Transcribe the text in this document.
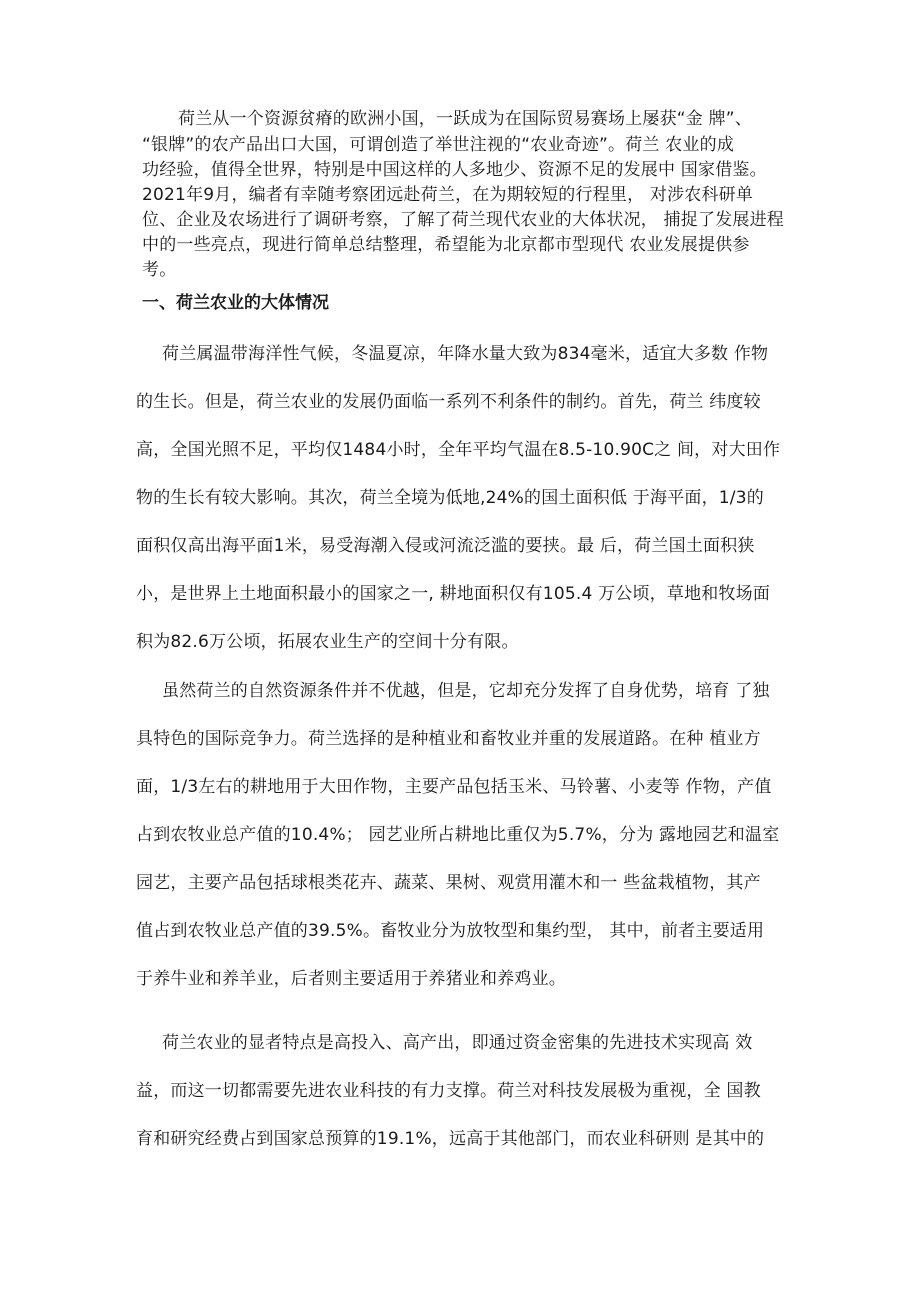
荷兰从一个资源贫瘠的欧洲小国，一跃成为在国际贸易赛场上屡获“金 牌”、
“银牌”的农产品出口大国，可谓创造了举世注视的“农业奇迹”。荷兰 农业的成
功经验，值得全世界，特别是中国这样的人多地少、资源不足的发展中 国家借鉴。
2021年9月，编者有幸随考察团远赴荷兰，在为期较短的行程里， 对涉农科研单
位、企业及农场进行了调研考察，了解了荷兰现代农业的大体状况， 捕捉了发展进程
中的一些亮点，现进行简单总结整理，希望能为北京都市型现代 农业发展提供参
考。
一、荷兰农业的大体情况
荷兰属温带海洋性气候，冬温夏凉，年降水量大致为834毫米，适宜大多数 作物
的生长。但是，荷兰农业的发展仍面临一系列不利条件的制约。首先，荷兰 纬度较
高，全国光照不足，平均仅1484小时，全年平均气温在8.5-10.90C之 间，对大田作
物的生长有较大影响。其次，荷兰全境为低地,24%的国土面积低 于海平面，1/3的
面积仅高出海平面1米，易受海潮入侵或河流泛滥的要挟。最 后，荷兰国土面积狭
小，是世界上土地面积最小的国家之一, 耕地面积仅有105.4 万公顷，草地和牧场面
积为82.6万公顷，拓展农业生产的空间十分有限。
虽然荷兰的自然资源条件并不优越，但是，它却充分发挥了自身优势，培育 了独
具特色的国际竞争力。荷兰选择的是种植业和畜牧业并重的发展道路。在种 植业方
面，1/3左右的耕地用于大田作物，主要产品包括玉米、马铃薯、小麦等 作物，产值
占到农牧业总产值的10.4%； 园艺业所占耕地比重仅为5.7%，分为 露地园艺和温室
园艺，主要产品包括球根类花卉、蔬菜、果树、观赏用灌木和一 些盆栽植物，其产
值占到农牧业总产值的39.5%。畜牧业分为放牧型和集约型， 其中，前者主要适用
于养牛业和养羊业，后者则主要适用于养猪业和养鸡业。
荷兰农业的显者特点是高投入、高产出，即通过资金密集的先进技术实现高 效
益，而这一切都需要先进农业科技的有力支撑。荷兰对科技发展极为重视，全 国教
育和研究经费占到国家总预算的19.1%，远高于其他部门，而农业科研则 是其中的
